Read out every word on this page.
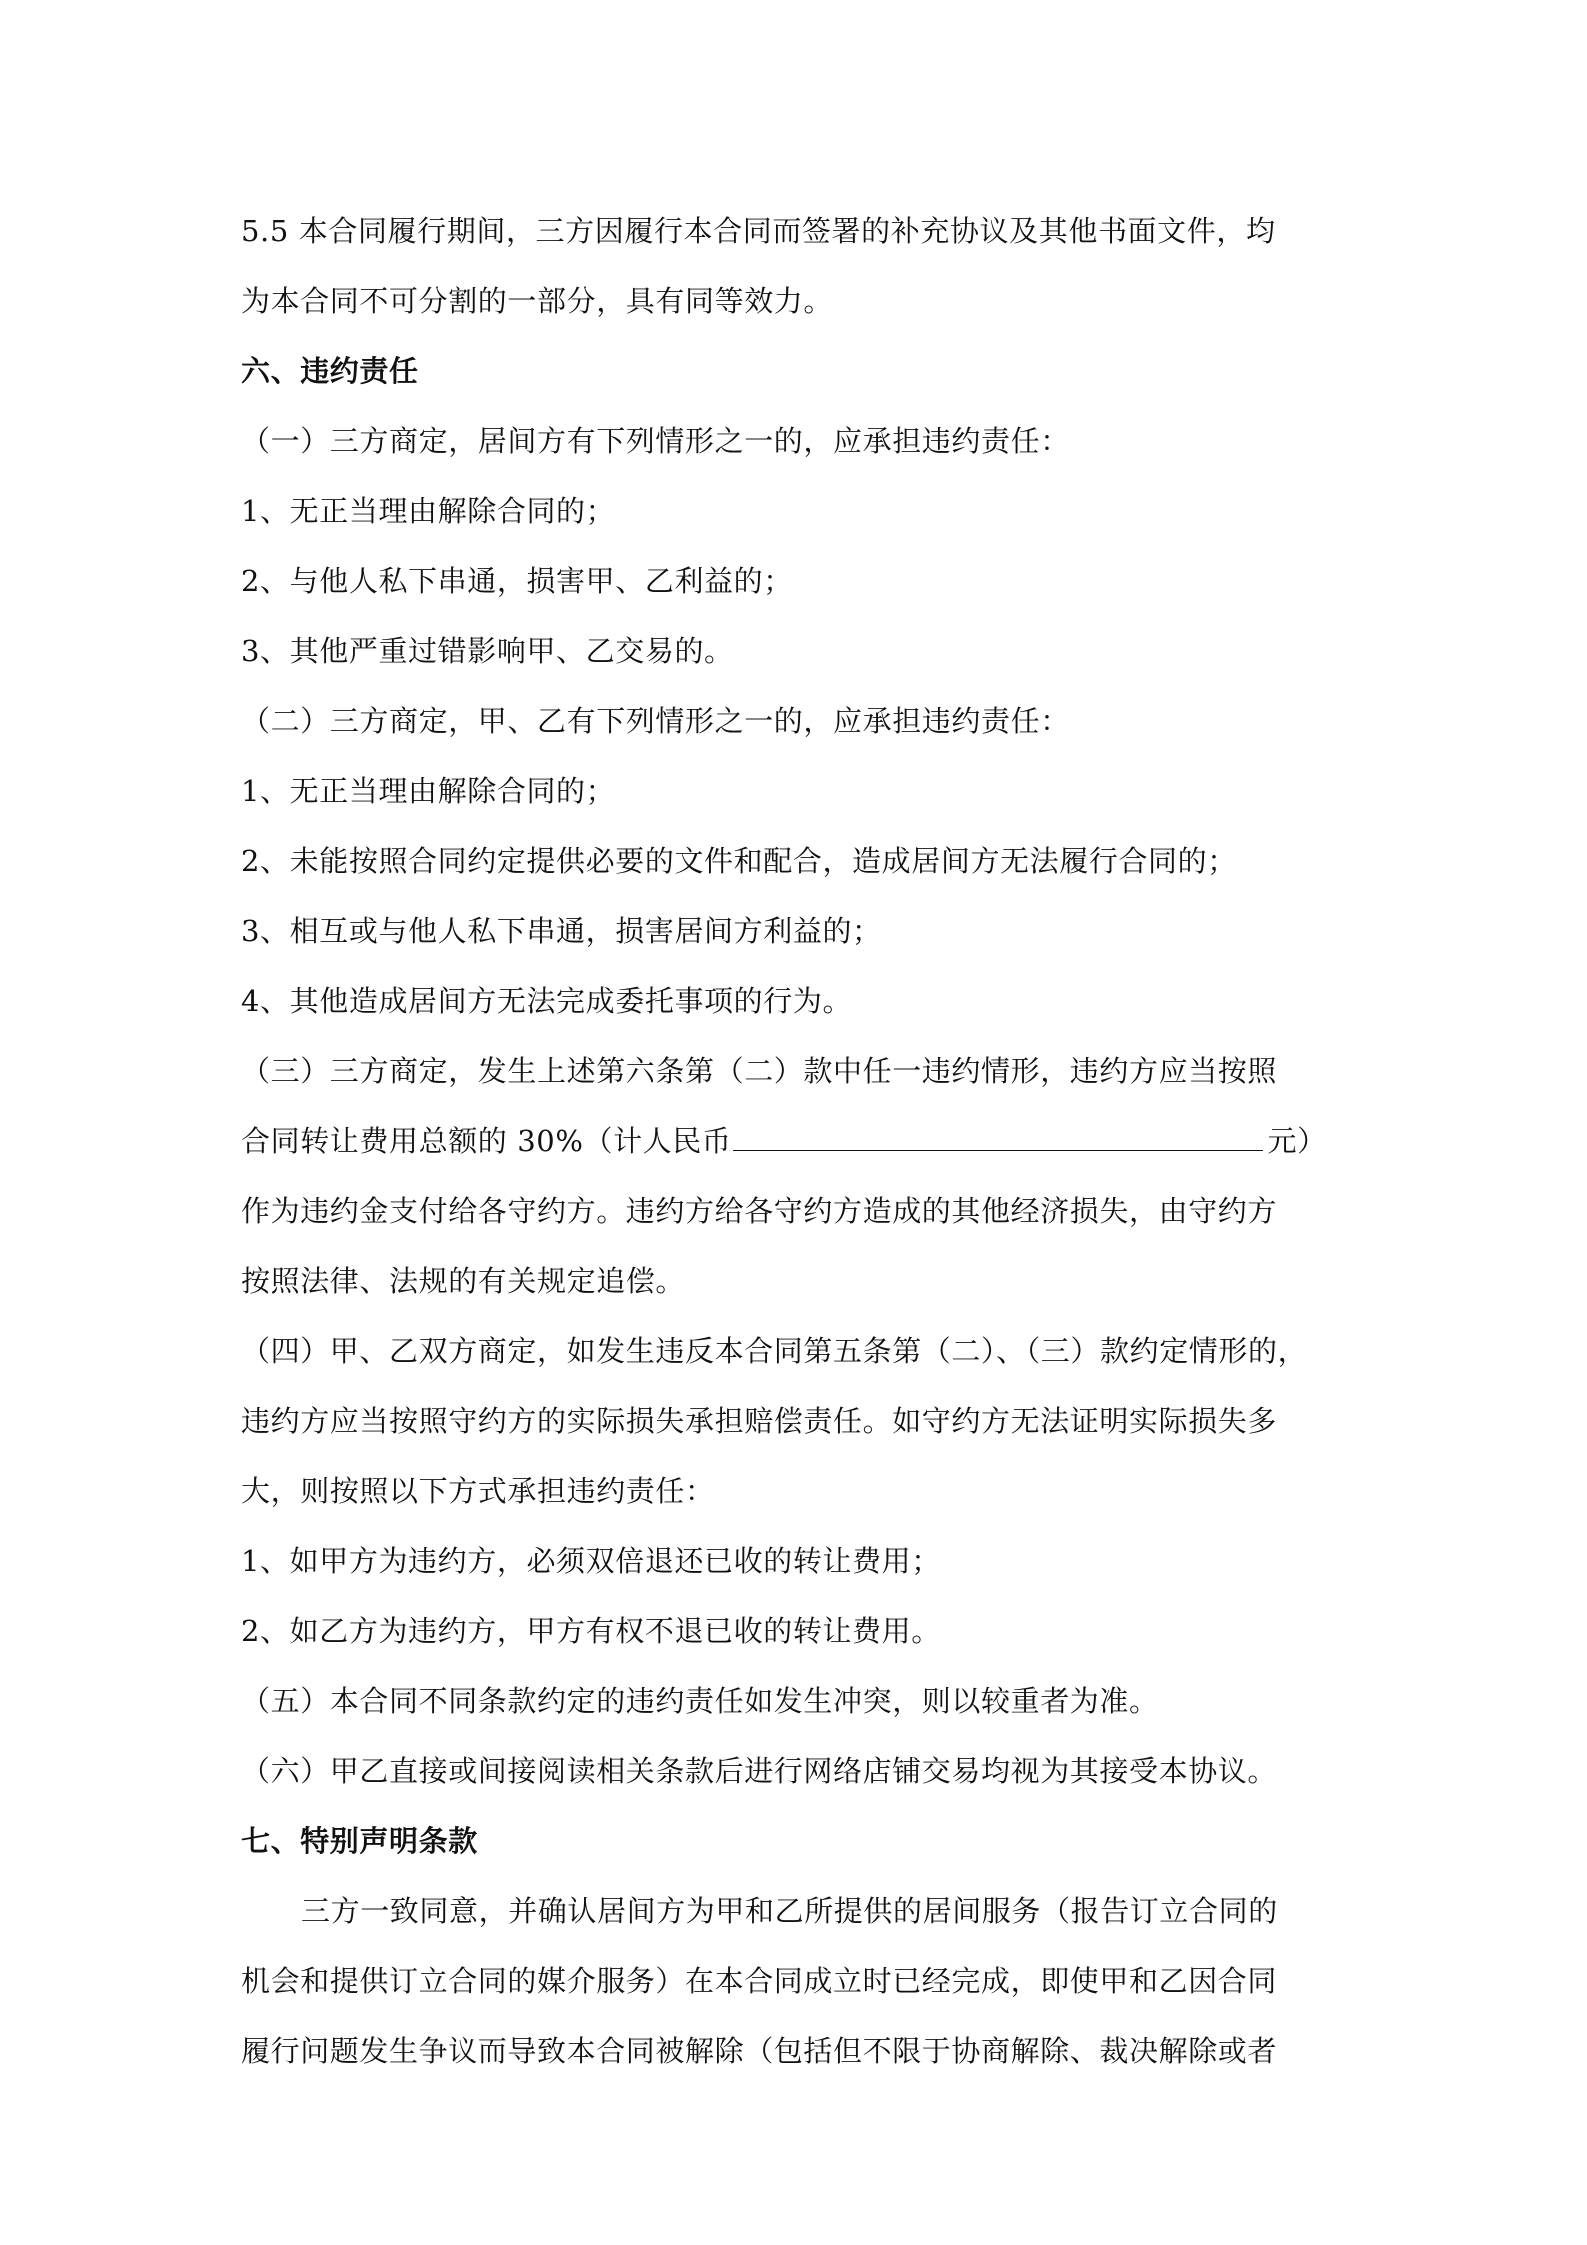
5.5 本合同履行期间，三方因履行本合同而签署的补充协议及其他书面文件，均
为本合同不可分割的一部分，具有同等效力。
六、违约责任
（一）三方商定，居间方有下列情形之一的，应承担违约责任：
1、无正当理由解除合同的；
2、与他人私下串通，损害甲、乙利益的；
3、其他严重过错影响甲、乙交易的。
（二）三方商定，甲、乙有下列情形之一的，应承担违约责任：
1、无正当理由解除合同的；
2、未能按照合同约定提供必要的文件和配合，造成居间方无法履行合同的；
3、相互或与他人私下串通，损害居间方利益的；
4、其他造成居间方无法完成委托事项的行为。
（三）三方商定，发生上述第六条第（二）款中任一违约情形，违约方应当按照
合同转让费用总额的 30%（计人民币	元）
作为违约金支付给各守约方。违约方给各守约方造成的其他经济损失，由守约方
按照法律、法规的有关规定追偿。
（四）甲、乙双方商定，如发生违反本合同第五条第（二）、（三）款约定情形的，
违约方应当按照守约方的实际损失承担赔偿责任。如守约方无法证明实际损失多
大，则按照以下方式承担违约责任：
1、如甲方为违约方，必须双倍退还已收的转让费用；
2、如乙方为违约方，甲方有权不退已收的转让费用。
（五）本合同不同条款约定的违约责任如发生冲突，则以较重者为准。
（六）甲乙直接或间接阅读相关条款后进行网络店铺交易均视为其接受本协议。
七、特别声明条款
三方一致同意，并确认居间方为甲和乙所提供的居间服务（报告订立合同的
机会和提供订立合同的媒介服务）在本合同成立时已经完成，即使甲和乙因合同
履行问题发生争议而导致本合同被解除（包括但不限于协商解除、裁决解除或者
